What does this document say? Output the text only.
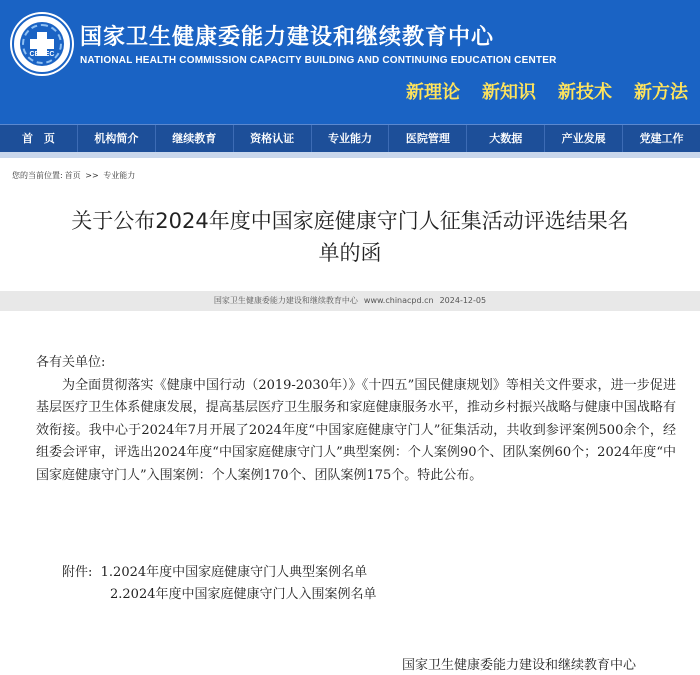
CBCEC
国家卫生健康委能力建设和继续教育中心
NATIONAL HEALTH COMMISSION CAPACITY BUILDING AND CONTINUING EDUCATION CENTER
新理论 新知识 新技术 新方法
首　页	机构简介	继续教育	资格认证	专业能力	医院管理	大数据	产业发展	党建工作
您的当前位置: 首页 >> 专业能力
关于公布2024年度中国家庭健康守门人征集活动评选结果名
单的函
国家卫生健康委能力建设和继续教育中心 www.chinacpd.cn 2024-12-05

各有关单位:

为全面贯彻落实《健康中国行动（2019-2030年）》《十四五”国民健康规划》等相关文件要求，进一步促进基层医疗卫生体系健康发展，提高基层医疗卫生服务和家庭健康服务水平，推动乡村振兴战略与健康中国战略有效衔接。我中心于2024年7月开展了2024年度“中国家庭健康守门人”征集活动，共收到参评案例500余个，经组委会评审，评选出2024年度“中国家庭健康守门人”典型案例：个人案例90个、团队案例60个；2024年度“中国家庭健康守门人”入围案例：个人案例170个、团队案例175个。特此公布。

附件: 1.2024年度中国家庭健康守门人典型案例名单
2.2024年度中国家庭健康守门人入围案例名单
国家卫生健康委能力建设和继续教育中心
